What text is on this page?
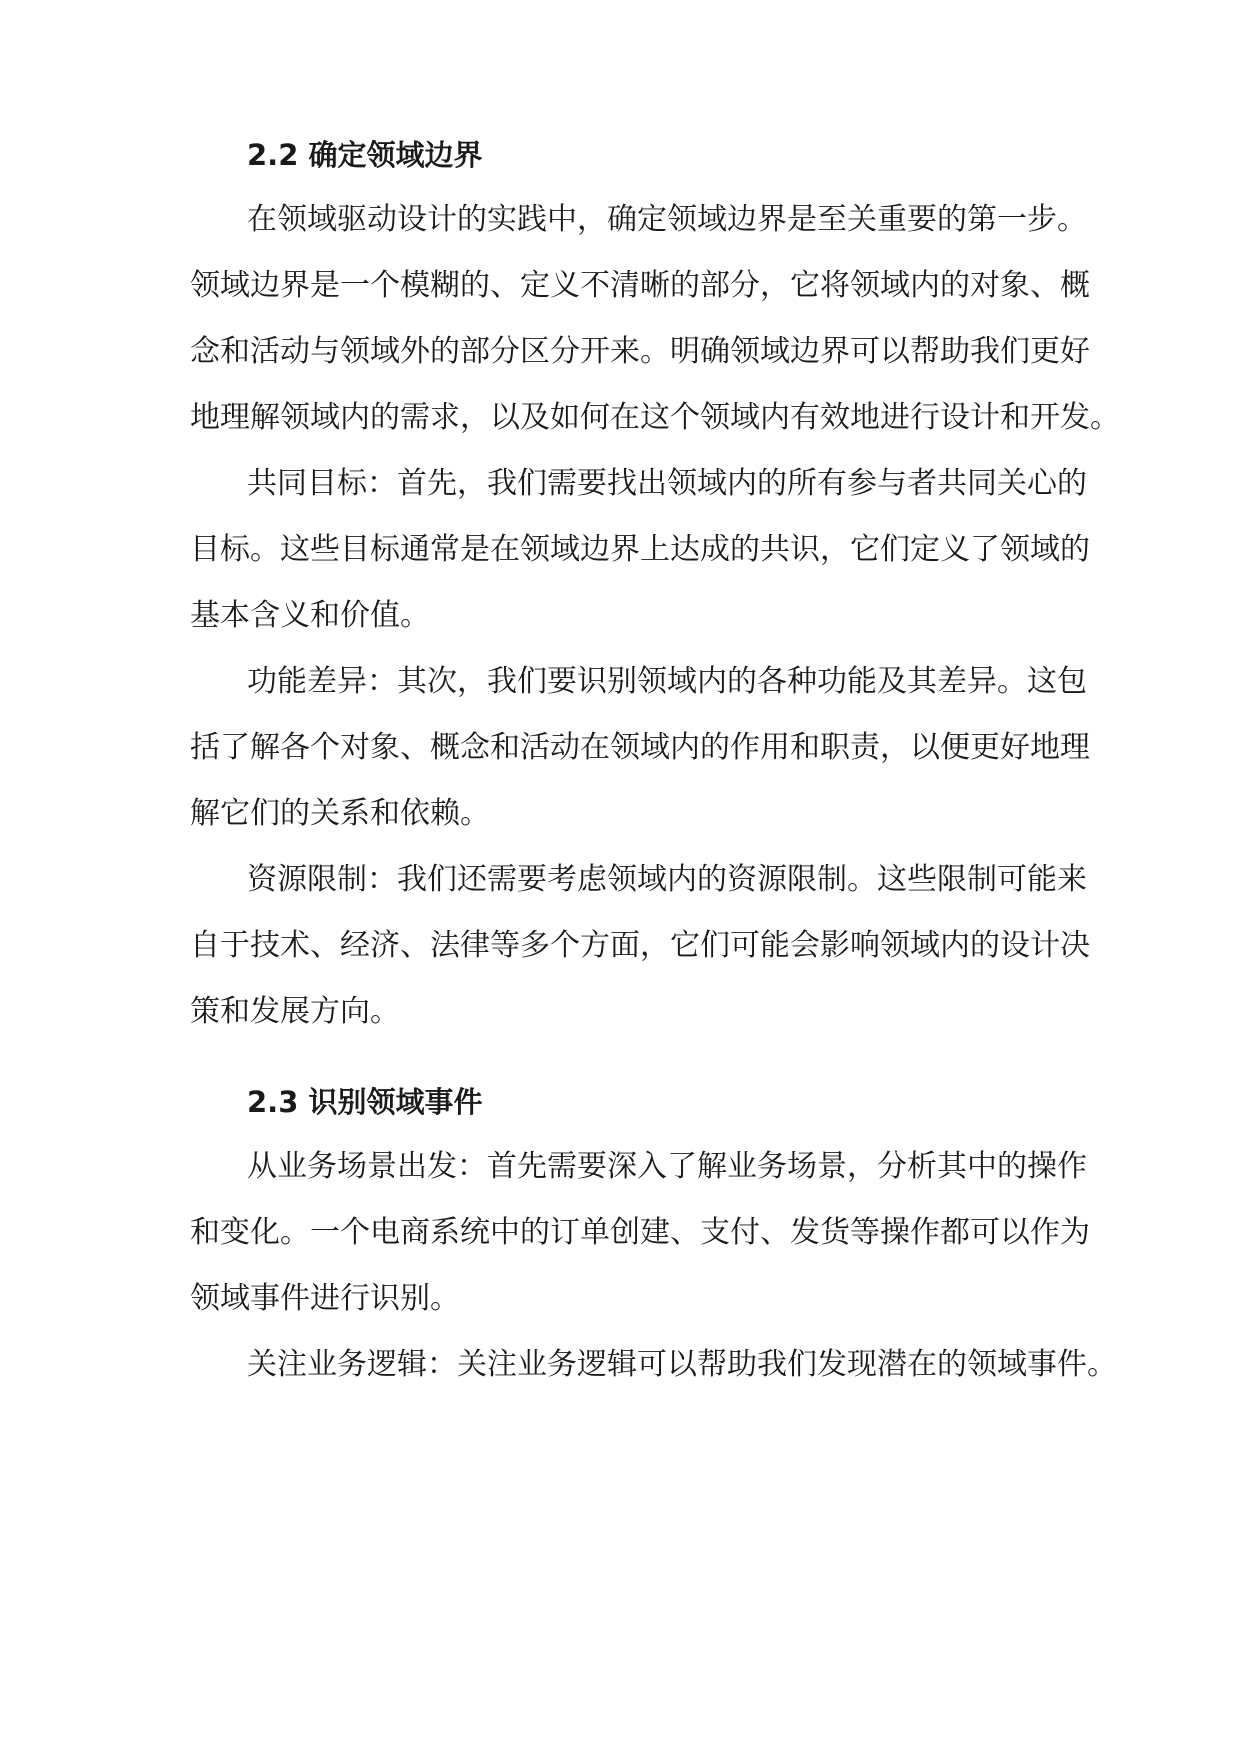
2.2 确定领域边界
在领域驱动设计的实践中，确定领域边界是至关重要的第一步。
领域边界是一个模糊的、定义不清晰的部分，它将领域内的对象、概
念和活动与领域外的部分区分开来。明确领域边界可以帮助我们更好
地理解领域内的需求，以及如何在这个领域内有效地进行设计和开发。
共同目标：首先，我们需要找出领域内的所有参与者共同关心的
目标。这些目标通常是在领域边界上达成的共识，它们定义了领域的
基本含义和价值。
功能差异：其次，我们要识别领域内的各种功能及其差异。这包
括了解各个对象、概念和活动在领域内的作用和职责，以便更好地理
解它们的关系和依赖。
资源限制：我们还需要考虑领域内的资源限制。这些限制可能来
自于技术、经济、法律等多个方面，它们可能会影响领域内的设计决
策和发展方向。
2.3 识别领域事件
从业务场景出发：首先需要深入了解业务场景，分析其中的操作
和变化。一个电商系统中的订单创建、支付、发货等操作都可以作为
领域事件进行识别。
关注业务逻辑：关注业务逻辑可以帮助我们发现潜在的领域事件。
